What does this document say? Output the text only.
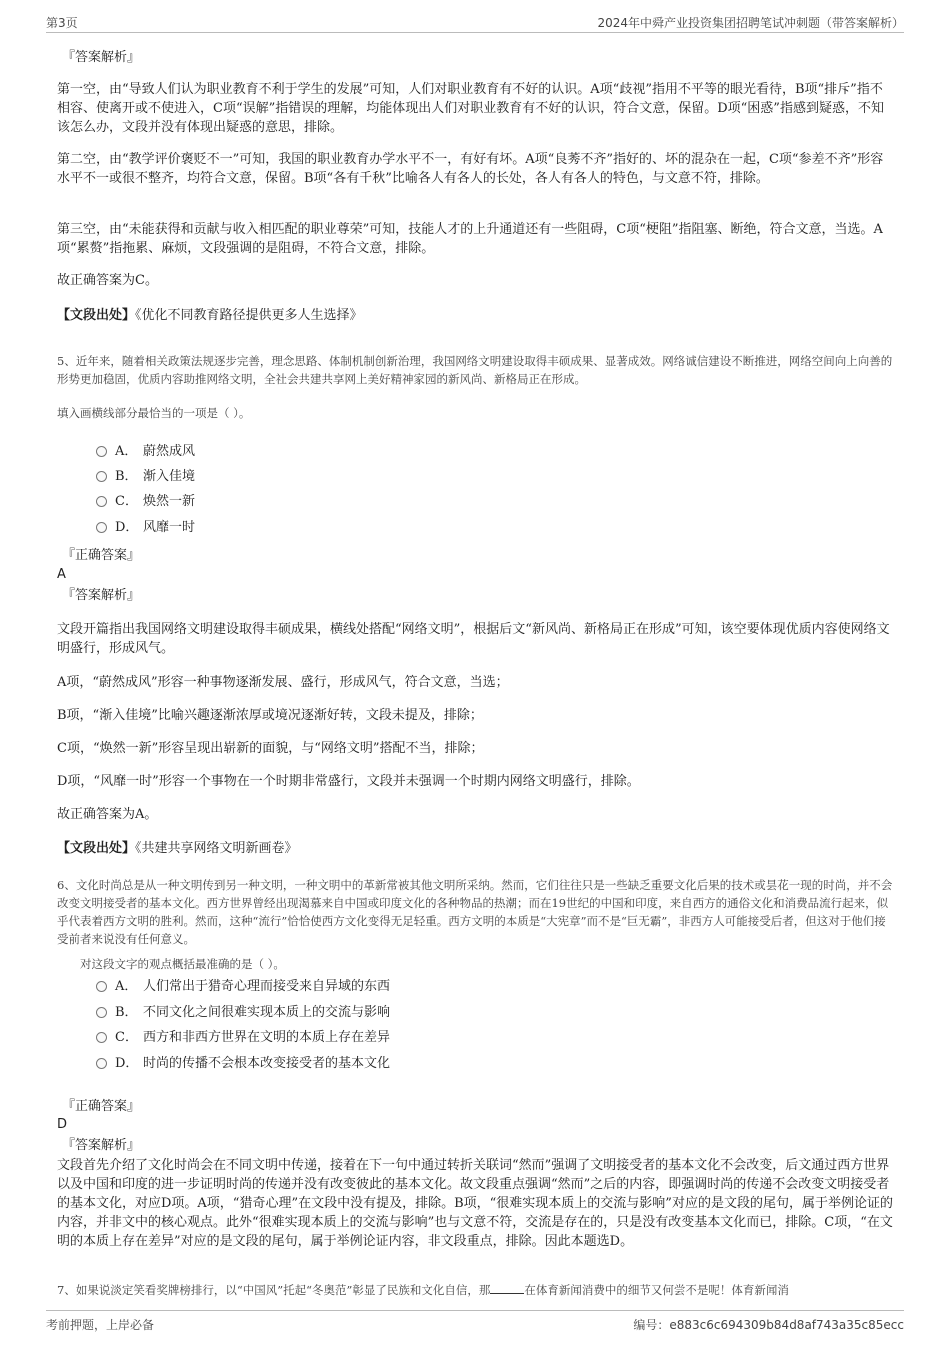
第3页	2024年中舜产业投资集团招聘笔试冲刺题（带答案解析）
『答案解析』
第一空，由“导致人们认为职业教育不利于学生的发展”可知，人们对职业教育有不好的认识。A项“歧视”指用不平等的眼光看待，B项“排斥”指不相容、使离开或不使进入，C项“误解”指错误的理解，均能体现出人们对职业教育有不好的认识，符合文意，保留。D项“困惑”指感到疑惑，不知该怎么办，文段并没有体现出疑惑的意思，排除。
第二空，由“教学评价褒贬不一”可知，我国的职业教育办学水平不一，有好有坏。A项“良莠不齐”指好的、坏的混杂在一起，C项“参差不齐”形容水平不一或很不整齐，均符合文意，保留。B项“各有千秋”比喻各人有各人的长处，各人有各人的特色，与文意不符，排除。
第三空，由“未能获得和贡献与收入相匹配的职业尊荣”可知，技能人才的上升通道还有一些阻碍，C项“梗阻”指阻塞、断绝，符合文意，当选。A项“累赘”指拖累、麻烦，文段强调的是阻碍，不符合文意，排除。
故正确答案为C。
【文段出处】《优化不同教育路径提供更多人生选择》
5、近年来，随着相关政策法规逐步完善，理念思路、体制机制创新治理，我国网络文明建设取得丰硕成果、显著成效。网络诚信建设不断推进，网络空间向上向善的形势更加稳固，优质内容助推网络文明，全社会共建共享网上美好精神家园的新风尚、新格局正在形成。
填入画横线部分最恰当的一项是（ ）。
A． 蔚然成风
B． 渐入佳境
C． 焕然一新
D． 风靡一时
『正确答案』
A
『答案解析』
文段开篇指出我国网络文明建设取得丰硕成果，横线处搭配“网络文明”，根据后文“新风尚、新格局正在形成”可知，该空要体现优质内容使网络文明盛行，形成风气。
A项，“蔚然成风”形容一种事物逐渐发展、盛行，形成风气，符合文意，当选；
B项，“渐入佳境”比喻兴趣逐渐浓厚或境况逐渐好转，文段未提及，排除；
C项，“焕然一新”形容呈现出崭新的面貌，与“网络文明”搭配不当，排除；
D项，“风靡一时”形容一个事物在一个时期非常盛行，文段并未强调一个时期内网络文明盛行，排除。
故正确答案为A。
【文段出处】《共建共享网络文明新画卷》
6、文化时尚总是从一种文明传到另一种文明，一种文明中的革新常被其他文明所采纳。然而，它们往往只是一些缺乏重要文化后果的技术或昙花一现的时尚，并不会改变文明接受者的基本文化。西方世界曾经出现渴慕来自中国或印度文化的各种物品的热潮；而在19世纪的中国和印度，来自西方的通俗文化和消费品流行起来，似乎代表着西方文明的胜利。然而，这种“流行”恰恰使西方文化变得无足轻重。西方文明的本质是“大宪章”而不是“巨无霸”，非西方人可能接受后者，但这对于他们接受前者来说没有任何意义。
对这段文字的观点概括最准确的是（ ）。
A． 人们常出于猎奇心理而接受来自异域的东西
B． 不同文化之间很难实现本质上的交流与影响
C． 西方和非西方世界在文明的本质上存在差异
D． 时尚的传播不会根本改变接受者的基本文化
『正确答案』
D
『答案解析』
文段首先介绍了文化时尚会在不同文明中传递，接着在下一句中通过转折关联词“然而”强调了文明接受者的基本文化不会改变，后文通过西方世界以及中国和印度的进一步证明时尚的传递并没有改变彼此的基本文化。故文段重点强调“然而”之后的内容，即强调时尚的传递不会改变文明接受者的基本文化，对应D项。A项，“猎奇心理”在文段中没有提及，排除。B项，“很难实现本质上的交流与影响”对应的是文段的尾句，属于举例论证的内容，并非文中的核心观点。此外“很难实现本质上的交流与影响”也与文意不符，交流是存在的，只是没有改变基本文化而已，排除。C项，“在文明的本质上存在差异”对应的是文段的尾句，属于举例论证内容，非文段重点，排除。因此本题选D。
7、如果说淡定笑看奖牌榜排行，以“中国风”托起“冬奥范”彰显了民族和文化自信，那	在体育新闻消费中的细节又何尝不是呢！体育新闻消
考前押题，上岸必备	编号：e883c6c694309b84d8af743a35c85ecc
